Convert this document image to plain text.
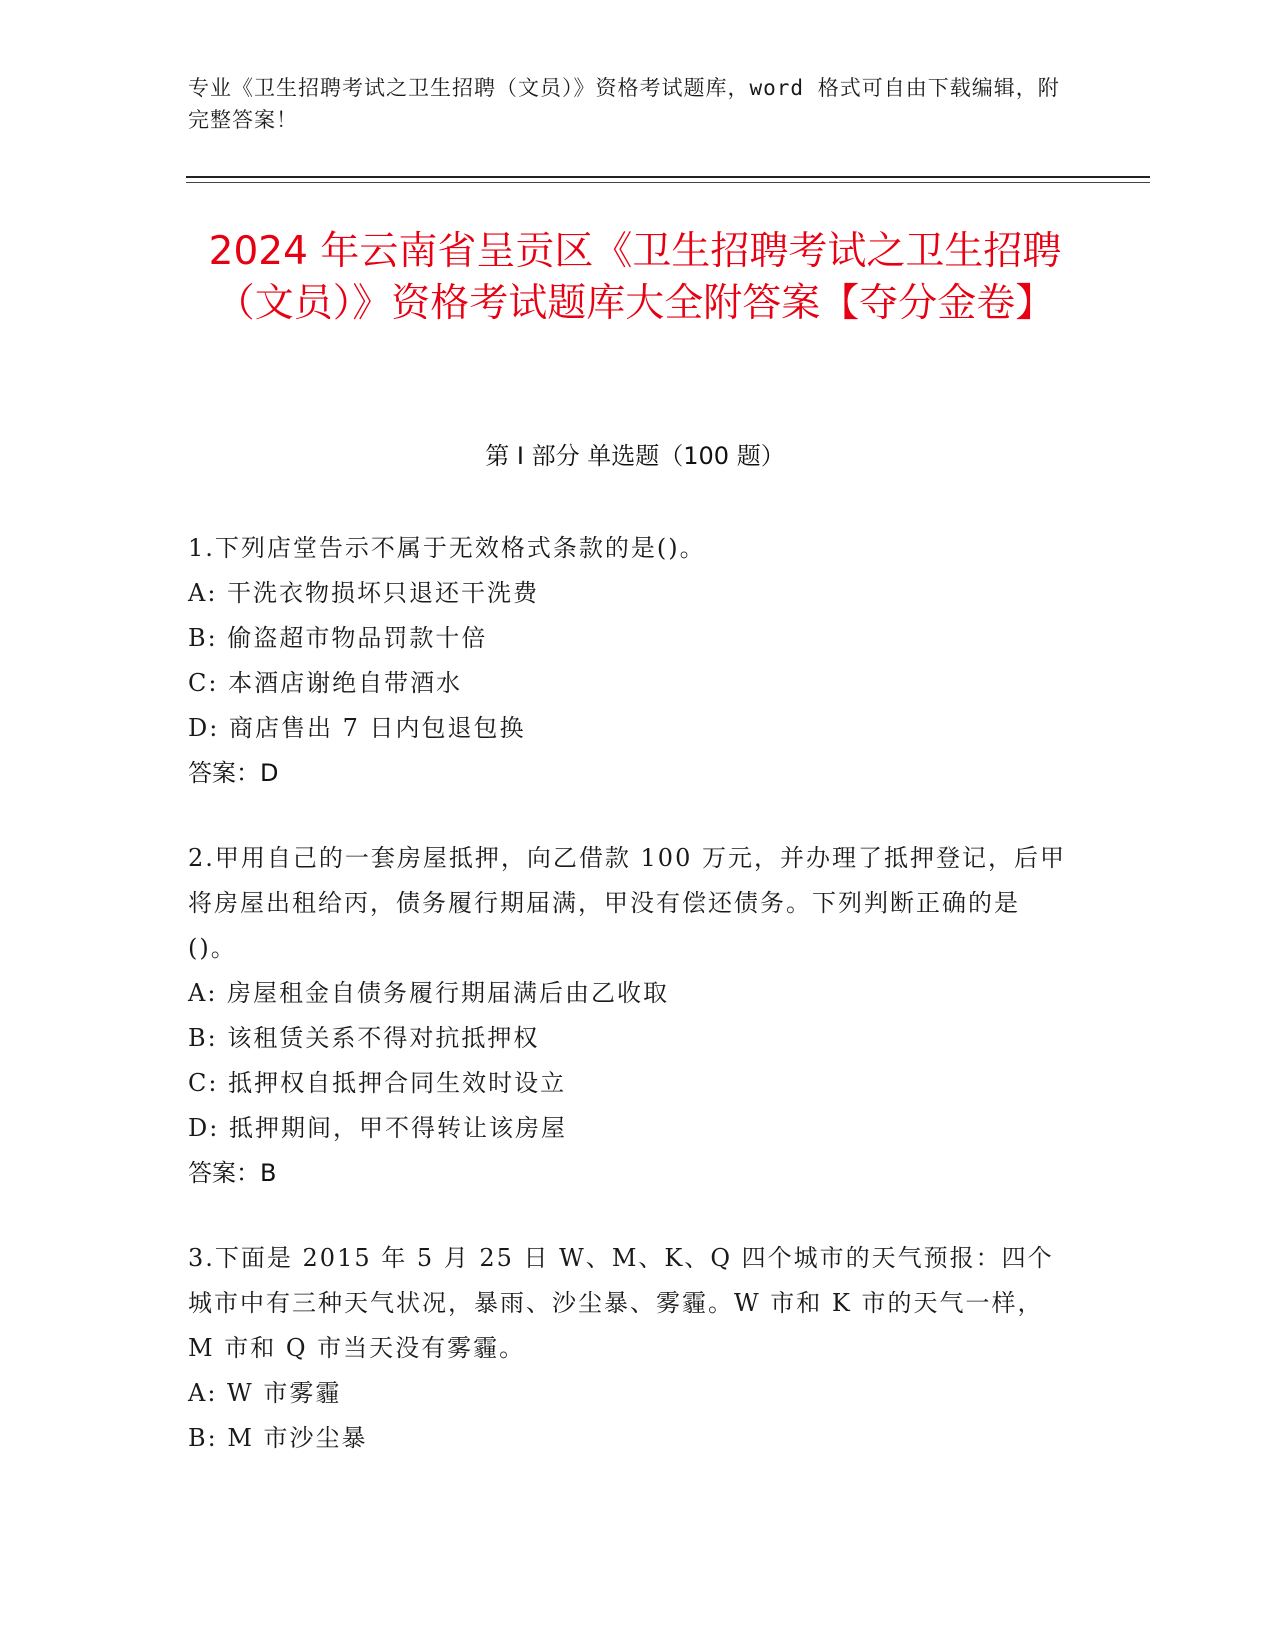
专业《卫生招聘考试之卫生招聘（文员）》资格考试题库，word 格式可自由下载编辑，附完整答案！
2024 年云南省呈贡区《卫生招聘考试之卫生招聘（文员）》资格考试题库大全附答案【夺分金卷】
第 I 部分 单选题（100 题）
1.下列店堂告示不属于无效格式条款的是()。
A: 干洗衣物损坏只退还干洗费
B: 偷盗超市物品罚款十倍
C: 本酒店谢绝自带酒水
D: 商店售出 7 日内包退包换
答案：D
2.甲用自己的一套房屋抵押，向乙借款 100 万元，并办理了抵押登记，后甲将房屋出租给丙，债务履行期届满，甲没有偿还债务。下列判断正确的是()。
A: 房屋租金自债务履行期届满后由乙收取
B: 该租赁关系不得对抗抵押权
C: 抵押权自抵押合同生效时设立
D: 抵押期间，甲不得转让该房屋
答案：B
3.下面是 2015 年 5 月 25 日 W、M、K、Q 四个城市的天气预报：四个城市中有三种天气状况，暴雨、沙尘暴、雾霾。W 市和 K 市的天气一样，M 市和 Q 市当天没有雾霾。
A: W 市雾霾
B: M 市沙尘暴
